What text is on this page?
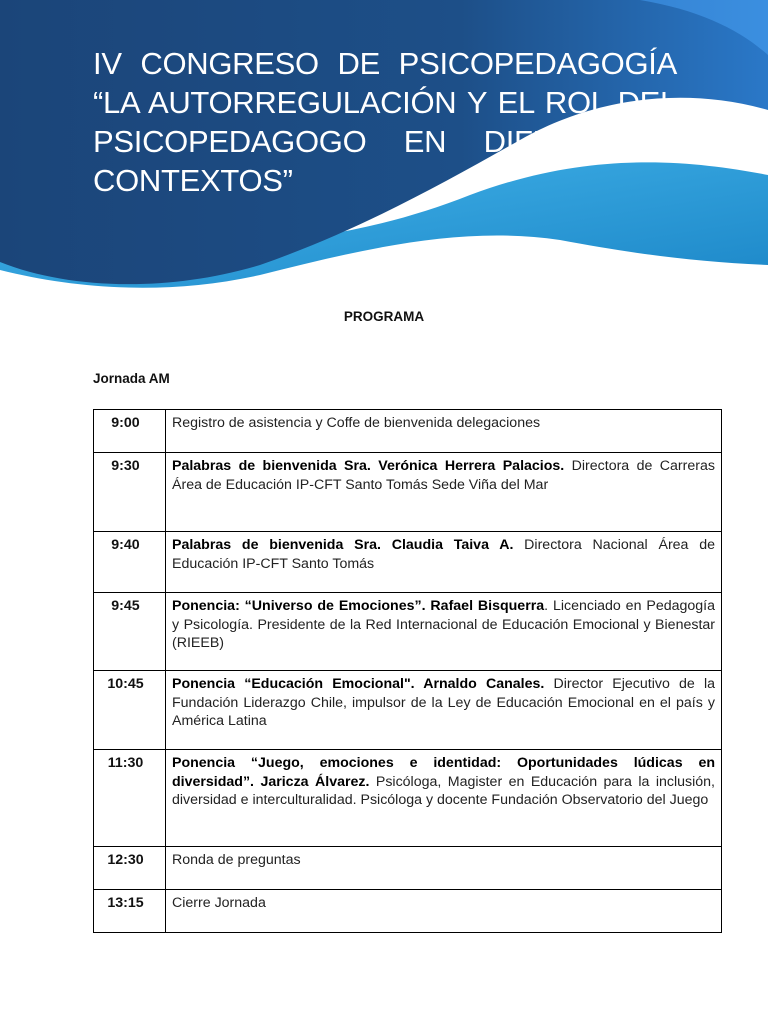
IV CONGRESO DE PSICOPEDAGOGÍA “LA AUTORREGULACIÓN Y EL ROL DEL PSICOPEDAGOGO EN DIFERENTES CONTEXTOS”
PROGRAMA
Jornada AM
9:00	Registro de asistencia y Coffe de bienvenida delegaciones
9:30	Palabras de bienvenida Sra. Verónica Herrera Palacios. Directora de Carreras Área de Educación IP-CFT Santo Tomás Sede Viña del Mar
9:40	Palabras de bienvenida Sra. Claudia Taiva A. Directora Nacional Área de Educación IP-CFT Santo Tomás
9:45	Ponencia: “Universo de Emociones”. Rafael Bisquerra. Licenciado en Pedagogía y Psicología. Presidente de la Red Internacional de Educación Emocional y Bienestar (RIEEB)
10:45	Ponencia “Educación Emocional". Arnaldo Canales. Director Ejecutivo de la Fundación Liderazgo Chile, impulsor de la Ley de Educación Emocional en el país y América Latina
11:30	Ponencia “Juego, emociones e identidad: Oportunidades lúdicas en diversidad”. Jaricza Álvarez. Psicóloga, Magister en Educación para la inclusión, diversidad e interculturalidad. Psicóloga y docente Fundación Observatorio del Juego
12:30	Ronda de preguntas
13:15	Cierre Jornada
